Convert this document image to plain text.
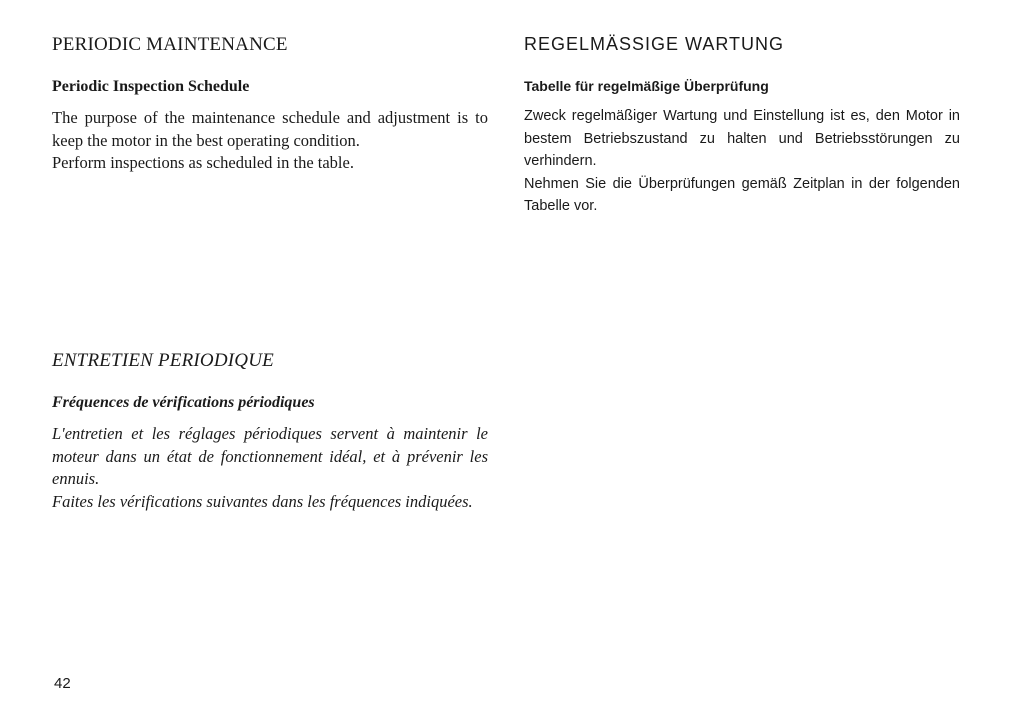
PERIODIC MAINTENANCE
Periodic Inspection Schedule

The purpose of the maintenance schedule and adjustment is to keep the motor in the best operating condition.

Perform inspections as scheduled in the table.

REGELMÄSSIGE WARTUNG
Tabelle für regelmäßige Überprüfung

Zweck regelmäßiger Wartung und Einstellung ist es, den Motor in bestem Betriebszustand zu halten und Betriebsstörungen zu verhindern.

Nehmen Sie die Überprüfungen gemäß Zeitplan in der folgenden Tabelle vor.

ENTRETIEN PERIODIQUE
Fréquences de vérifications périodiques

L'entretien et les réglages périodiques servent à maintenir le moteur dans un état de fonctionnement idéal, et à prévenir les ennuis.

Faites les vérifications suivantes dans les fréquences indiquées.

42
